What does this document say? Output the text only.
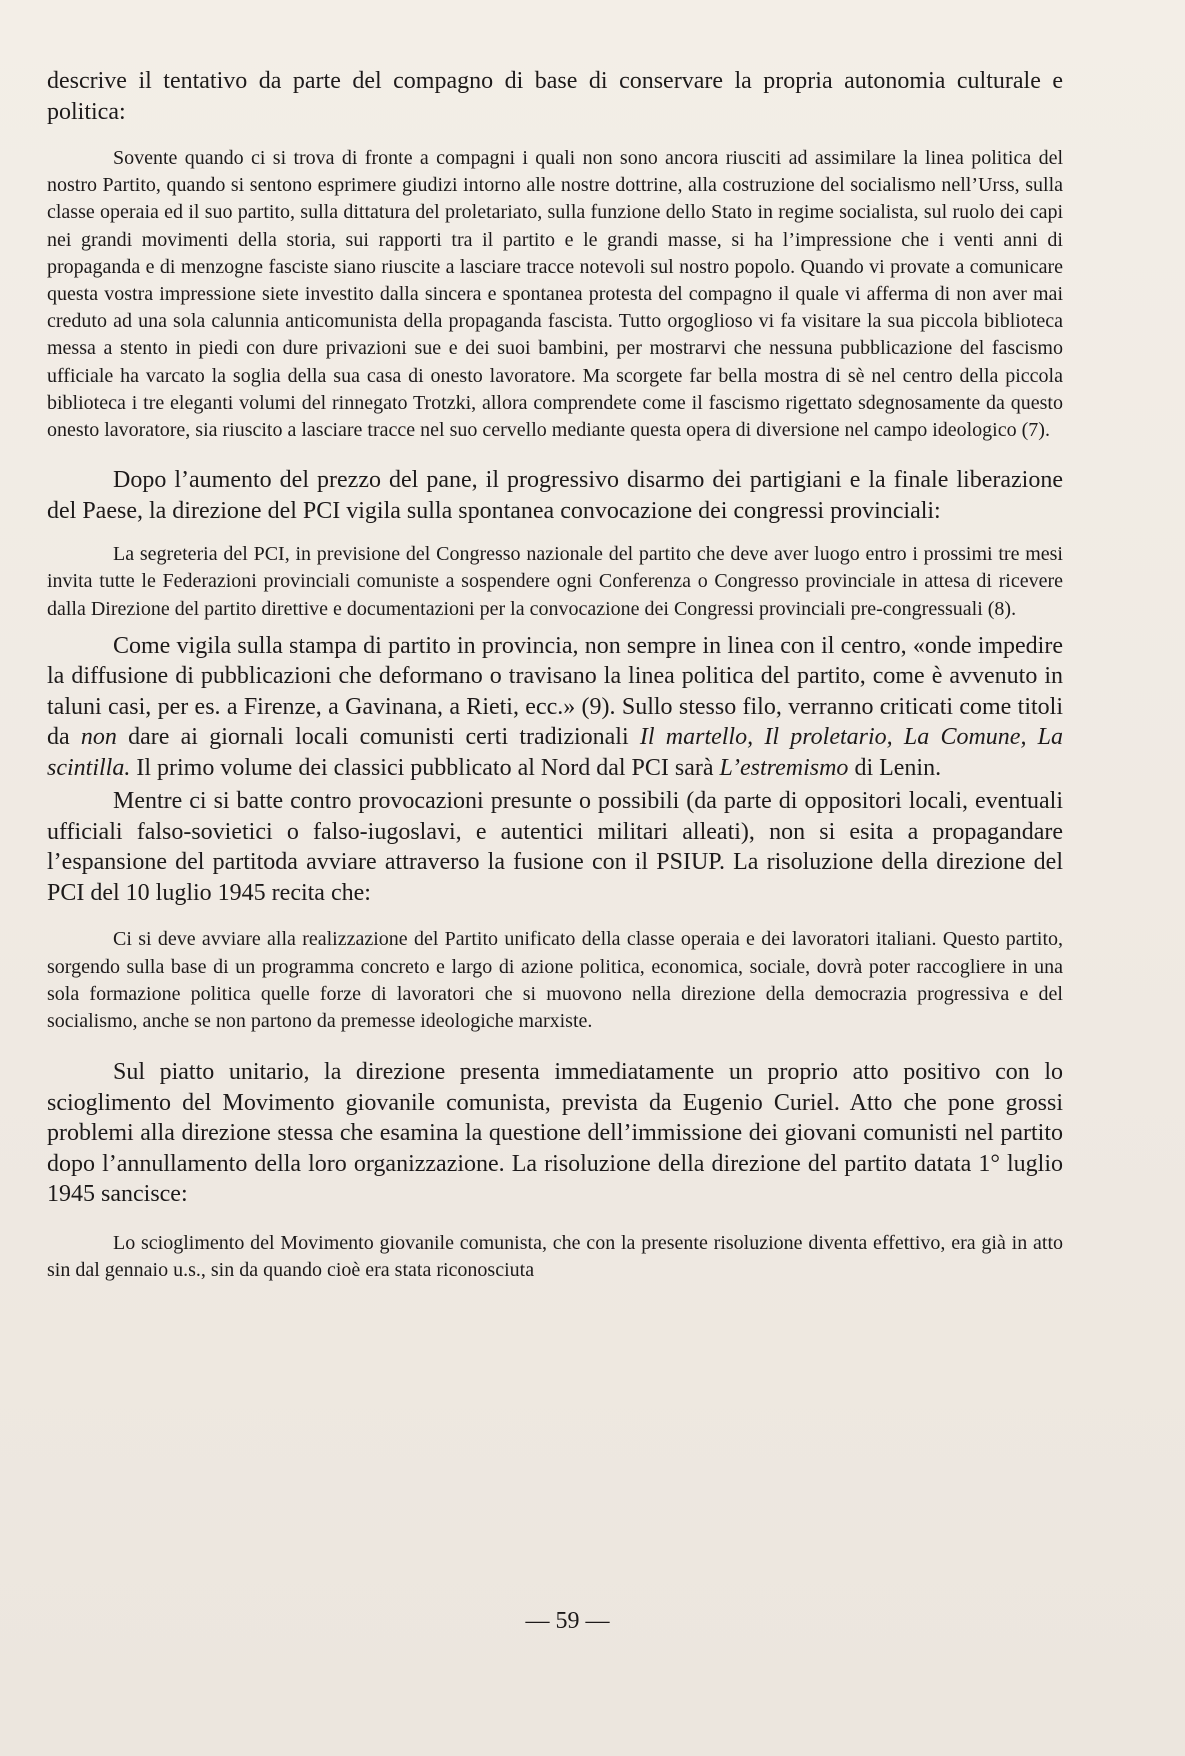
descrive il tentativo da parte del compagno di base di conservare la propria autonomia culturale e politica:

Sovente quando ci si trova di fronte a compagni i quali non sono ancora riusciti ad assimilare la linea politica del nostro Partito, quando si sentono esprimere giudizi intorno alle nostre dottrine, alla costruzione del socialismo nell’Urss, sulla classe operaia ed il suo partito, sulla dittatura del proletariato, sulla funzione dello Stato in regime socialista, sul ruolo dei capi nei grandi movimenti della storia, sui rapporti tra il partito e le grandi masse, si ha l’impressione che i venti anni di propaganda e di menzogne fasciste siano riuscite a lasciare tracce notevoli sul nostro popolo. Quando vi provate a comunicare questa vostra impressione siete investito dalla sincera e spontanea protesta del compagno il quale vi afferma di non aver mai creduto ad una sola calunnia anticomunista della propaganda fascista. Tutto orgoglioso vi fa visitare la sua piccola biblioteca messa a stento in piedi con dure privazioni sue e dei suoi bambini, per mostrarvi che nessuna pubblicazione del fascismo ufficiale ha varcato la soglia della sua casa di onesto lavoratore. Ma scorgete far bella mostra di sè nel centro della piccola biblioteca i tre eleganti volumi del rinnegato Trotzki, allora comprendete come il fascismo rigettato sdegnosamente da questo onesto lavoratore, sia riuscito a lasciare tracce nel suo cervello mediante questa opera di diversione nel campo ideologico (7).

Dopo l’aumento del prezzo del pane, il progressivo disarmo dei partigiani e la finale liberazione del Paese, la direzione del PCI vigila sulla spontanea convocazione dei congressi provinciali:

La segreteria del PCI, in previsione del Congresso nazionale del partito che deve aver luogo entro i prossimi tre mesi invita tutte le Federazioni provinciali comuniste a sospendere ogni Conferenza o Congresso provinciale in attesa di ricevere dalla Direzione del partito direttive e documentazioni per la convocazione dei Congressi provinciali pre-congressuali (8).

Come vigila sulla stampa di partito in provincia, non sempre in linea con il centro, «onde impedire la diffusione di pubblicazioni che deformano o travisano la linea politica del partito, come è avvenuto in taluni casi, per es. a Firenze, a Gavinana, a Rieti, ecc.» (9). Sullo stesso filo, verranno criticati come titoli da non dare ai giornali locali comunisti certi tradizionali Il martello, Il proletario, La Comune, La scintilla. Il primo volume dei classici pubblicato al Nord dal PCI sarà L’estremismo di Lenin.

Mentre ci si batte contro provocazioni presunte o possibili (da parte di oppositori locali, eventuali ufficiali falso-sovietici o falso-iugoslavi, e autentici militari alleati), non si esita a propagandare l’espansione del partitoda avviare attraverso la fusione con il PSIUP. La risoluzione della direzione del PCI del 10 luglio 1945 recita che:

Ci si deve avviare alla realizzazione del Partito unificato della classe operaia e dei lavoratori italiani. Questo partito, sorgendo sulla base di un programma concreto e largo di azione politica, economica, sociale, dovrà poter raccogliere in una sola formazione politica quelle forze di lavoratori che si muovono nella direzione della democrazia progressiva e del socialismo, anche se non partono da premesse ideologiche marxiste.

Sul piatto unitario, la direzione presenta immediatamente un proprio atto positivo con lo scioglimento del Movimento giovanile comunista, prevista da Eugenio Curiel. Atto che pone grossi problemi alla direzione stessa che esamina la questione dell’immissione dei giovani comunisti nel partito dopo l’annullamento della loro organizzazione. La risoluzione della direzione del partito datata 1° luglio 1945 sancisce:

Lo scioglimento del Movimento giovanile comunista, che con la presente risoluzione diventa effettivo, era già in atto sin dal gennaio u.s., sin da quando cioè era stata riconosciuta

— 59 —
